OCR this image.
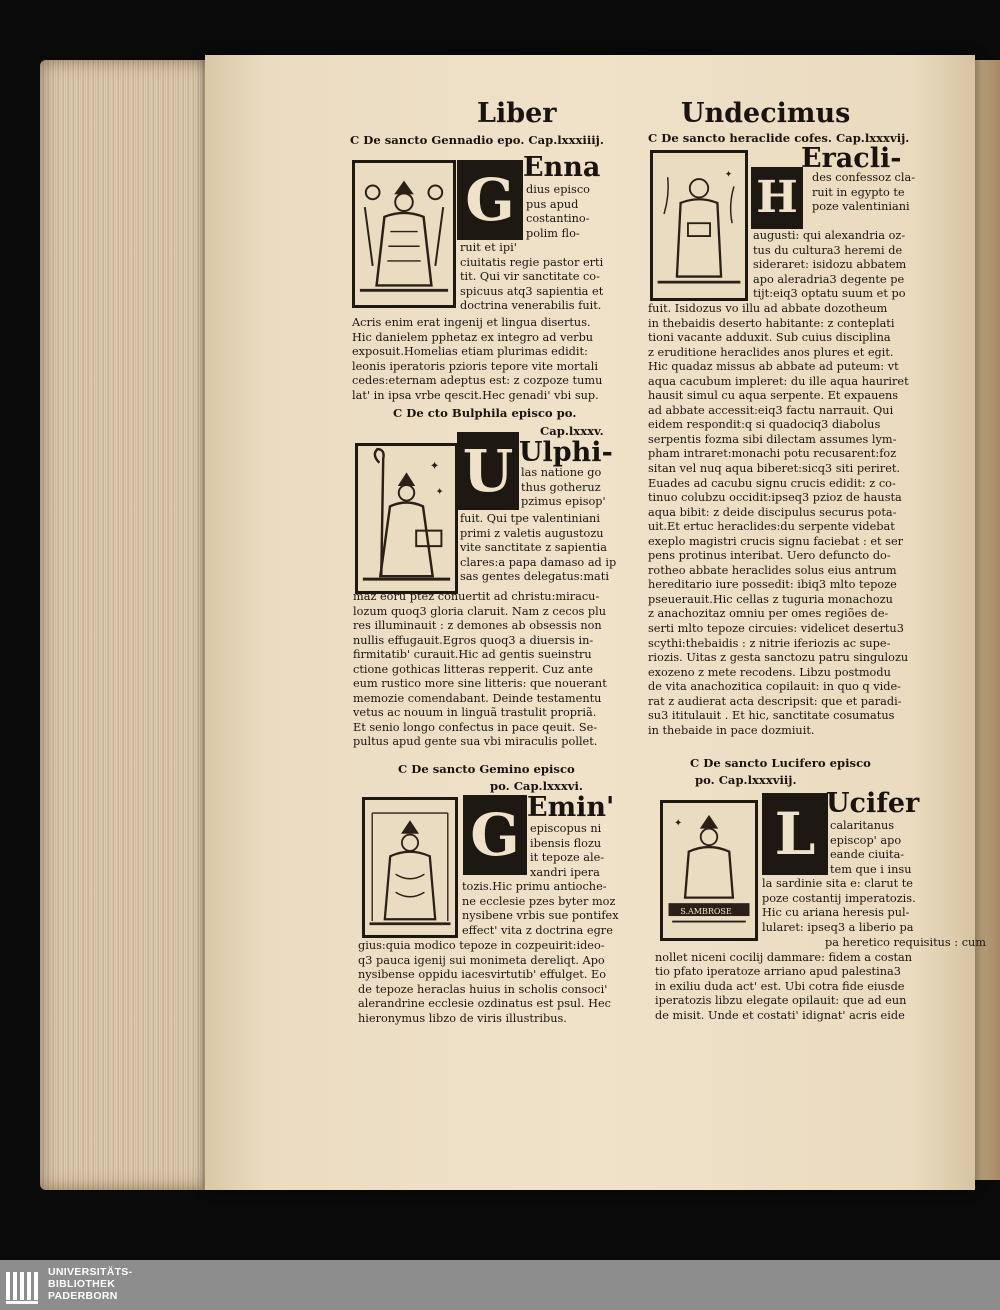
Liber	Undecimus
C De sancto Gennadio epo. Cap.lxxxiiij.
G Enna
dius episco
pus apud
costantino-
polim flo-
ruit et ipi'
ciuitatis regie pastor erti
tit. Qui vir sanctitate co-
spicuus atq3 sapientia et
doctrina venerabilis fuit.
Acris enim erat ingenij et lingua disertus.
Hic danielem pphetaz ex integro ad verbu
exposuit.Homelias etiam plurimas edidit:
leonis iperatoris pzioris tepore vite mortali
cedes:eternam adeptus est: z cozpoze tumu
lat' in ipsa vrbe qescit.Hec genadi' vbi sup.
C De cto Bulphila episco po.
Cap.lxxxv.
✦
✦ U Ulphi-
las natione go
thus gotheruz
pzimus episop'
fuit. Qui tpe valentiniani
primi z valetis augustozu
vite sanctitate z sapientia
clares:a papa damaso ad ip
sas gentes delegatus:mati
maz eoru ptez conuertit ad christu:miracu-
lozum quoq3 gloria claruit. Nam z cecos plu
res illuminauit : z demones ab obsessis non
nullis effugauit.Egros quoq3 a diuersis in-
firmitatib' curauit.Hic ad gentis sueinstru
ctione gothicas litteras repperit. Cuz ante
eum rustico more sine litteris: que nouerant
memozie comendabant. Deinde testamentu
vetus ac nouum in linguã trastulit propriã.
Et senio longo confectus in pace qeuit. Se-
pultus apud gente sua vbi miraculis pollet.
C De sancto Gemino episco
po. Cap.lxxxvi.
G Emin'
episcopus ni
ibensis flozu
it tepoze ale-
xandri ipera
tozis.Hic primu antioche-
ne ecclesie pzes byter moz
nysibene vrbis sue pontifex
effect' vita z doctrina egre
gius:quia modico tepoze in cozpeuirit:ideo-
q3 pauca igenij sui monimeta dereliqt. Apo
nysibense oppidu iacesvirtutib' effulget. Eo
de tepoze heraclas huius in scholis consoci'
alerandrine ecclesie ozdinatus est psul. Hec
hieronymus libzo de viris illustribus.
C De sancto heraclide cofes. Cap.lxxxvij.
✦ H
Eracli-
des confessoz cla-
ruit in egypto te
poze valentiniani
augusti: qui alexandria oz-
tus du cultura3 heremi de
sideraret: isidozu abbatem
apo aleradria3 degente pe
tijt:eiq3 optatu suum et po
fuit. Isidozus vo illu ad abbate dozotheum
in thebaidis deserto habitante: z conteplati
tioni vacante adduxit. Sub cuius disciplina
z eruditione heraclides anos plures et egit.
Hic quadaz missus ab abbate ad puteum: vt
aqua cacubum impleret: du ille aqua hauriret
hausit simul cu aqua serpente. Et expauens
ad abbate accessit:eiq3 factu narrauit. Qui
eidem respondit:q si quadociq3 diabolus
serpentis fozma sibi dilectam assumes lym-
pham intraret:monachi potu recusarent:foz
sitan vel nuq aqua biberet:sicq3 siti periret.
Euades ad cacubu signu crucis edidit: z co-
tinuo colubzu occidit:ipseq3 pzioz de hausta
aqua bibit: z deide discipulus securus pota-
uit.Et ertuc heraclides:du serpente videbat
exeplo magistri crucis signu faciebat : et ser
pens protinus interibat. Uero defuncto do-
rotheo abbate heraclides solus eius antrum
hereditario iure possedit: ibiq3 mlto tepoze
pseuerauit.Hic cellas z tuguria monachozu
z anachozitaz omniu per omes regiões de-
serti mlto tepoze circuies: videlicet desertu3
scythi:thebaidis : z nitrie iferiozis ac supe-
riozis. Uitas z gesta sanctozu patru singulozu
exozeno z mete recodens. Libzu postmodu
de vita anachozitica copilauit: in quo q vide-
rat z audierat acta descripsit: que et paradi-
su3 ititulauit . Et hic, sanctitate cosumatus
in thebaide in pace dozmiuit.
C De sancto Lucifero episco
po. Cap.lxxxviij.
✦
S.AMBROSE
L Ucifer
calaritanus
episcop' apo
eande ciuita-
tem que i insu
la sardinie sita e: clarut te
poze costantij imperatozis.
Hic cu ariana heresis pul-
lularet: ipseq3 a liberio pa
pa heretico requisitus : cum
nollet niceni cocilij dammare: fidem a costan
tio pfato iperatoze arriano apud palestina3
in exiliu duda act' est. Ubi cotra fide eiusde
iperatozis libzu elegate opilauit: que ad eun
de misit. Unde et costati' idignat' acris eide
UNIVERSITÄTS-
BIBLIOTHEK
PADERBORN
